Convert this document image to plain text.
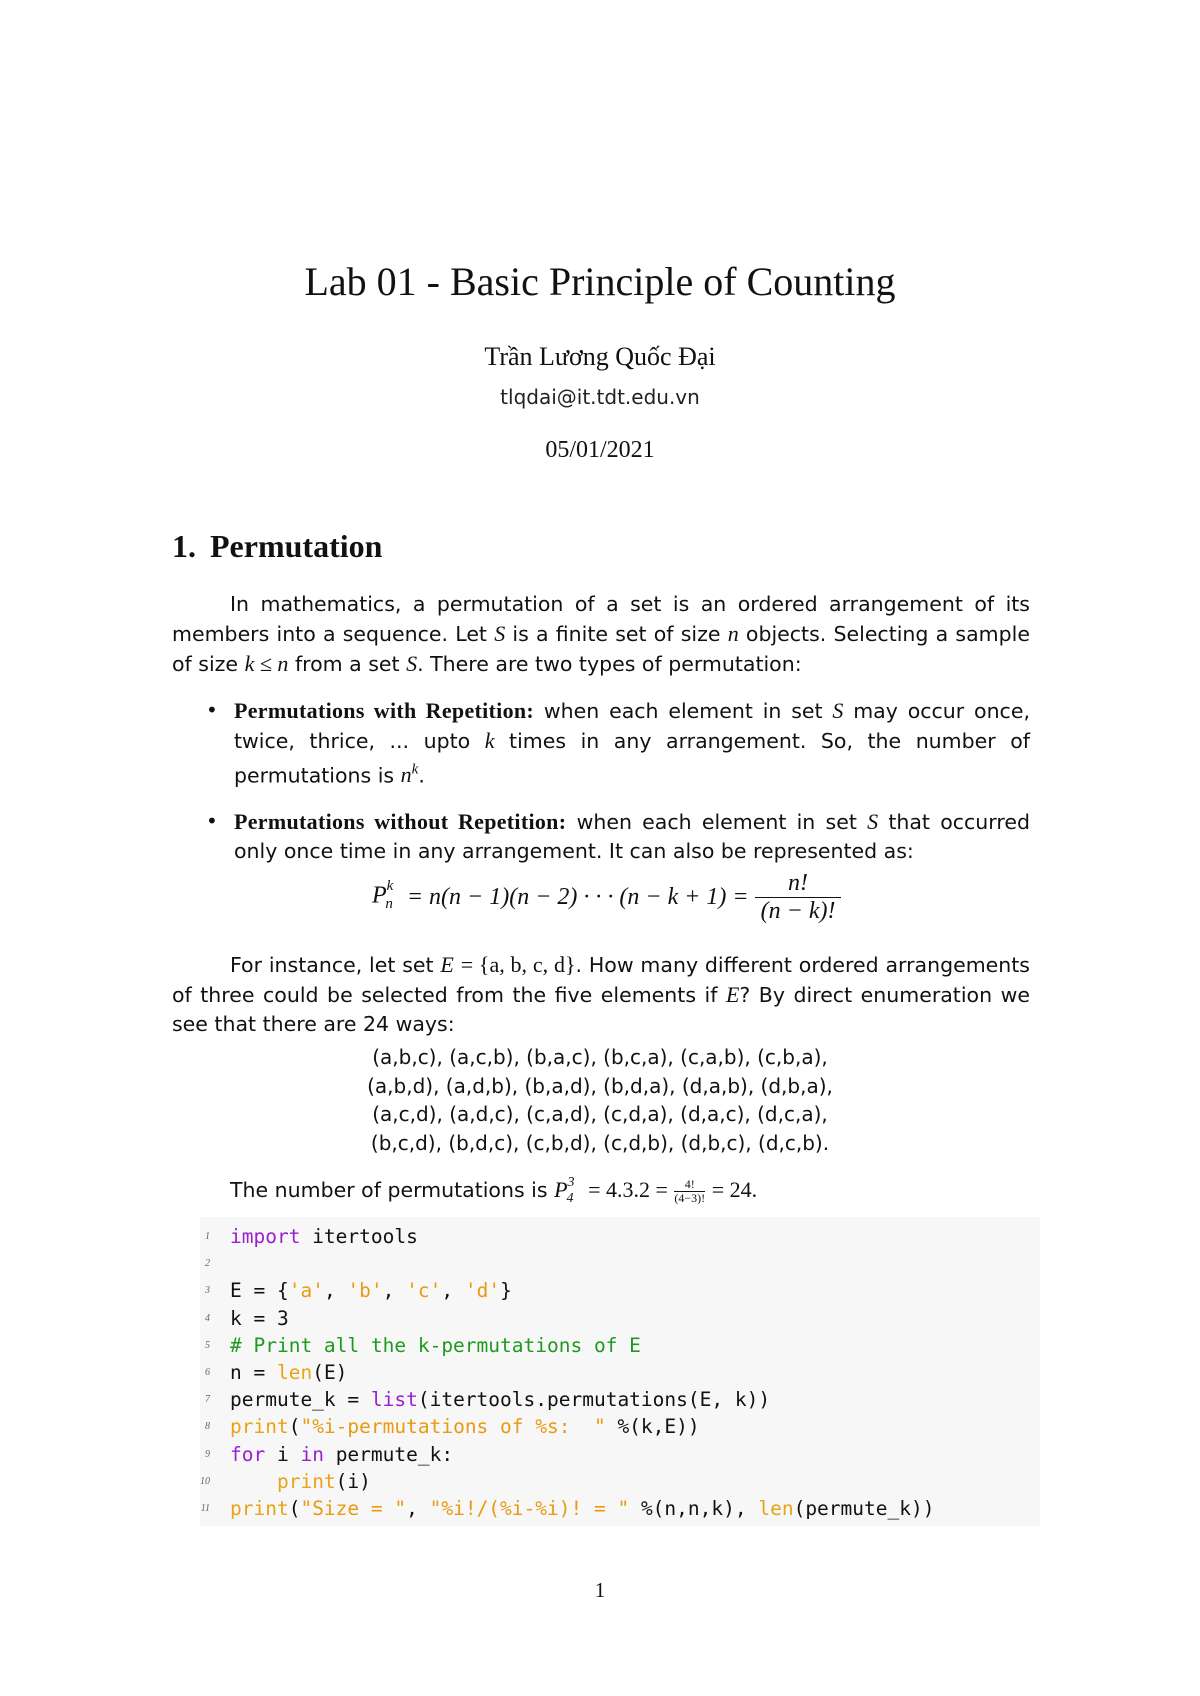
Lab 01 - Basic Principle of Counting
Trần Lương Quốc Đại
tlqdai@it.tdt.edu.vn
05/01/2021
1. Permutation
In mathematics, a permutation of a set is an ordered arrangement of its members into a sequence. Let S is a finite set of size n objects. Selecting a sample of size k ≤ n from a set S. There are two types of permutation:
• Permutations with Repetition: when each element in set S may occur once, twice, thrice, ... upto k times in any arrangement. So, the number of permutations is $n^k$.
• Permutations without Repetition: when each element in set S that occurred only once time in any arrangement. It can also be represented as:
$P^k_n = n(n - 1)(n - 2)$ · · · $(n - k + 1) = \frac{n!}{(n - k)!}$
For instance, let set E = {a, b, c, d}. How many different ordered arrangements of three could be selected from the five elements if E? By direct enumeration we see that there are 24 ways:
(a,b,c), (a,c,b), (b,a,c), (b,c,a), (c,a,b), (c,b,a),
(a,b,d), (a,d,b), (b,a,d), (b,d,a), (d,a,b), (d,b,a),
(a,c,d), (a,d,c), (c,a,d), (c,d,a), (d,a,c), (d,c,a),
(b,c,d), (b,d,c), (c,b,d), (c,d,b), (d,b,c), (d,c,b).
The number of permutations is $P^3_4 = 4.3.2 = \frac{4!}{(4-3)!} = 24$.
1 import itertools
2
3 E = {'a', 'b', 'c', 'd'}
4 k = 3
5 # Print all the k-permutations of E
6 n = len(E)
7 permute_k = list(itertools.permutations(E, k))
8 print("%i-permutations of %s:  " %(k,E))
9 for i in permute_k:
10	print(i)
11 print("Size = ", "%i!/(%i-%i)! = " %(n,n,k), len(permute_k))
1
